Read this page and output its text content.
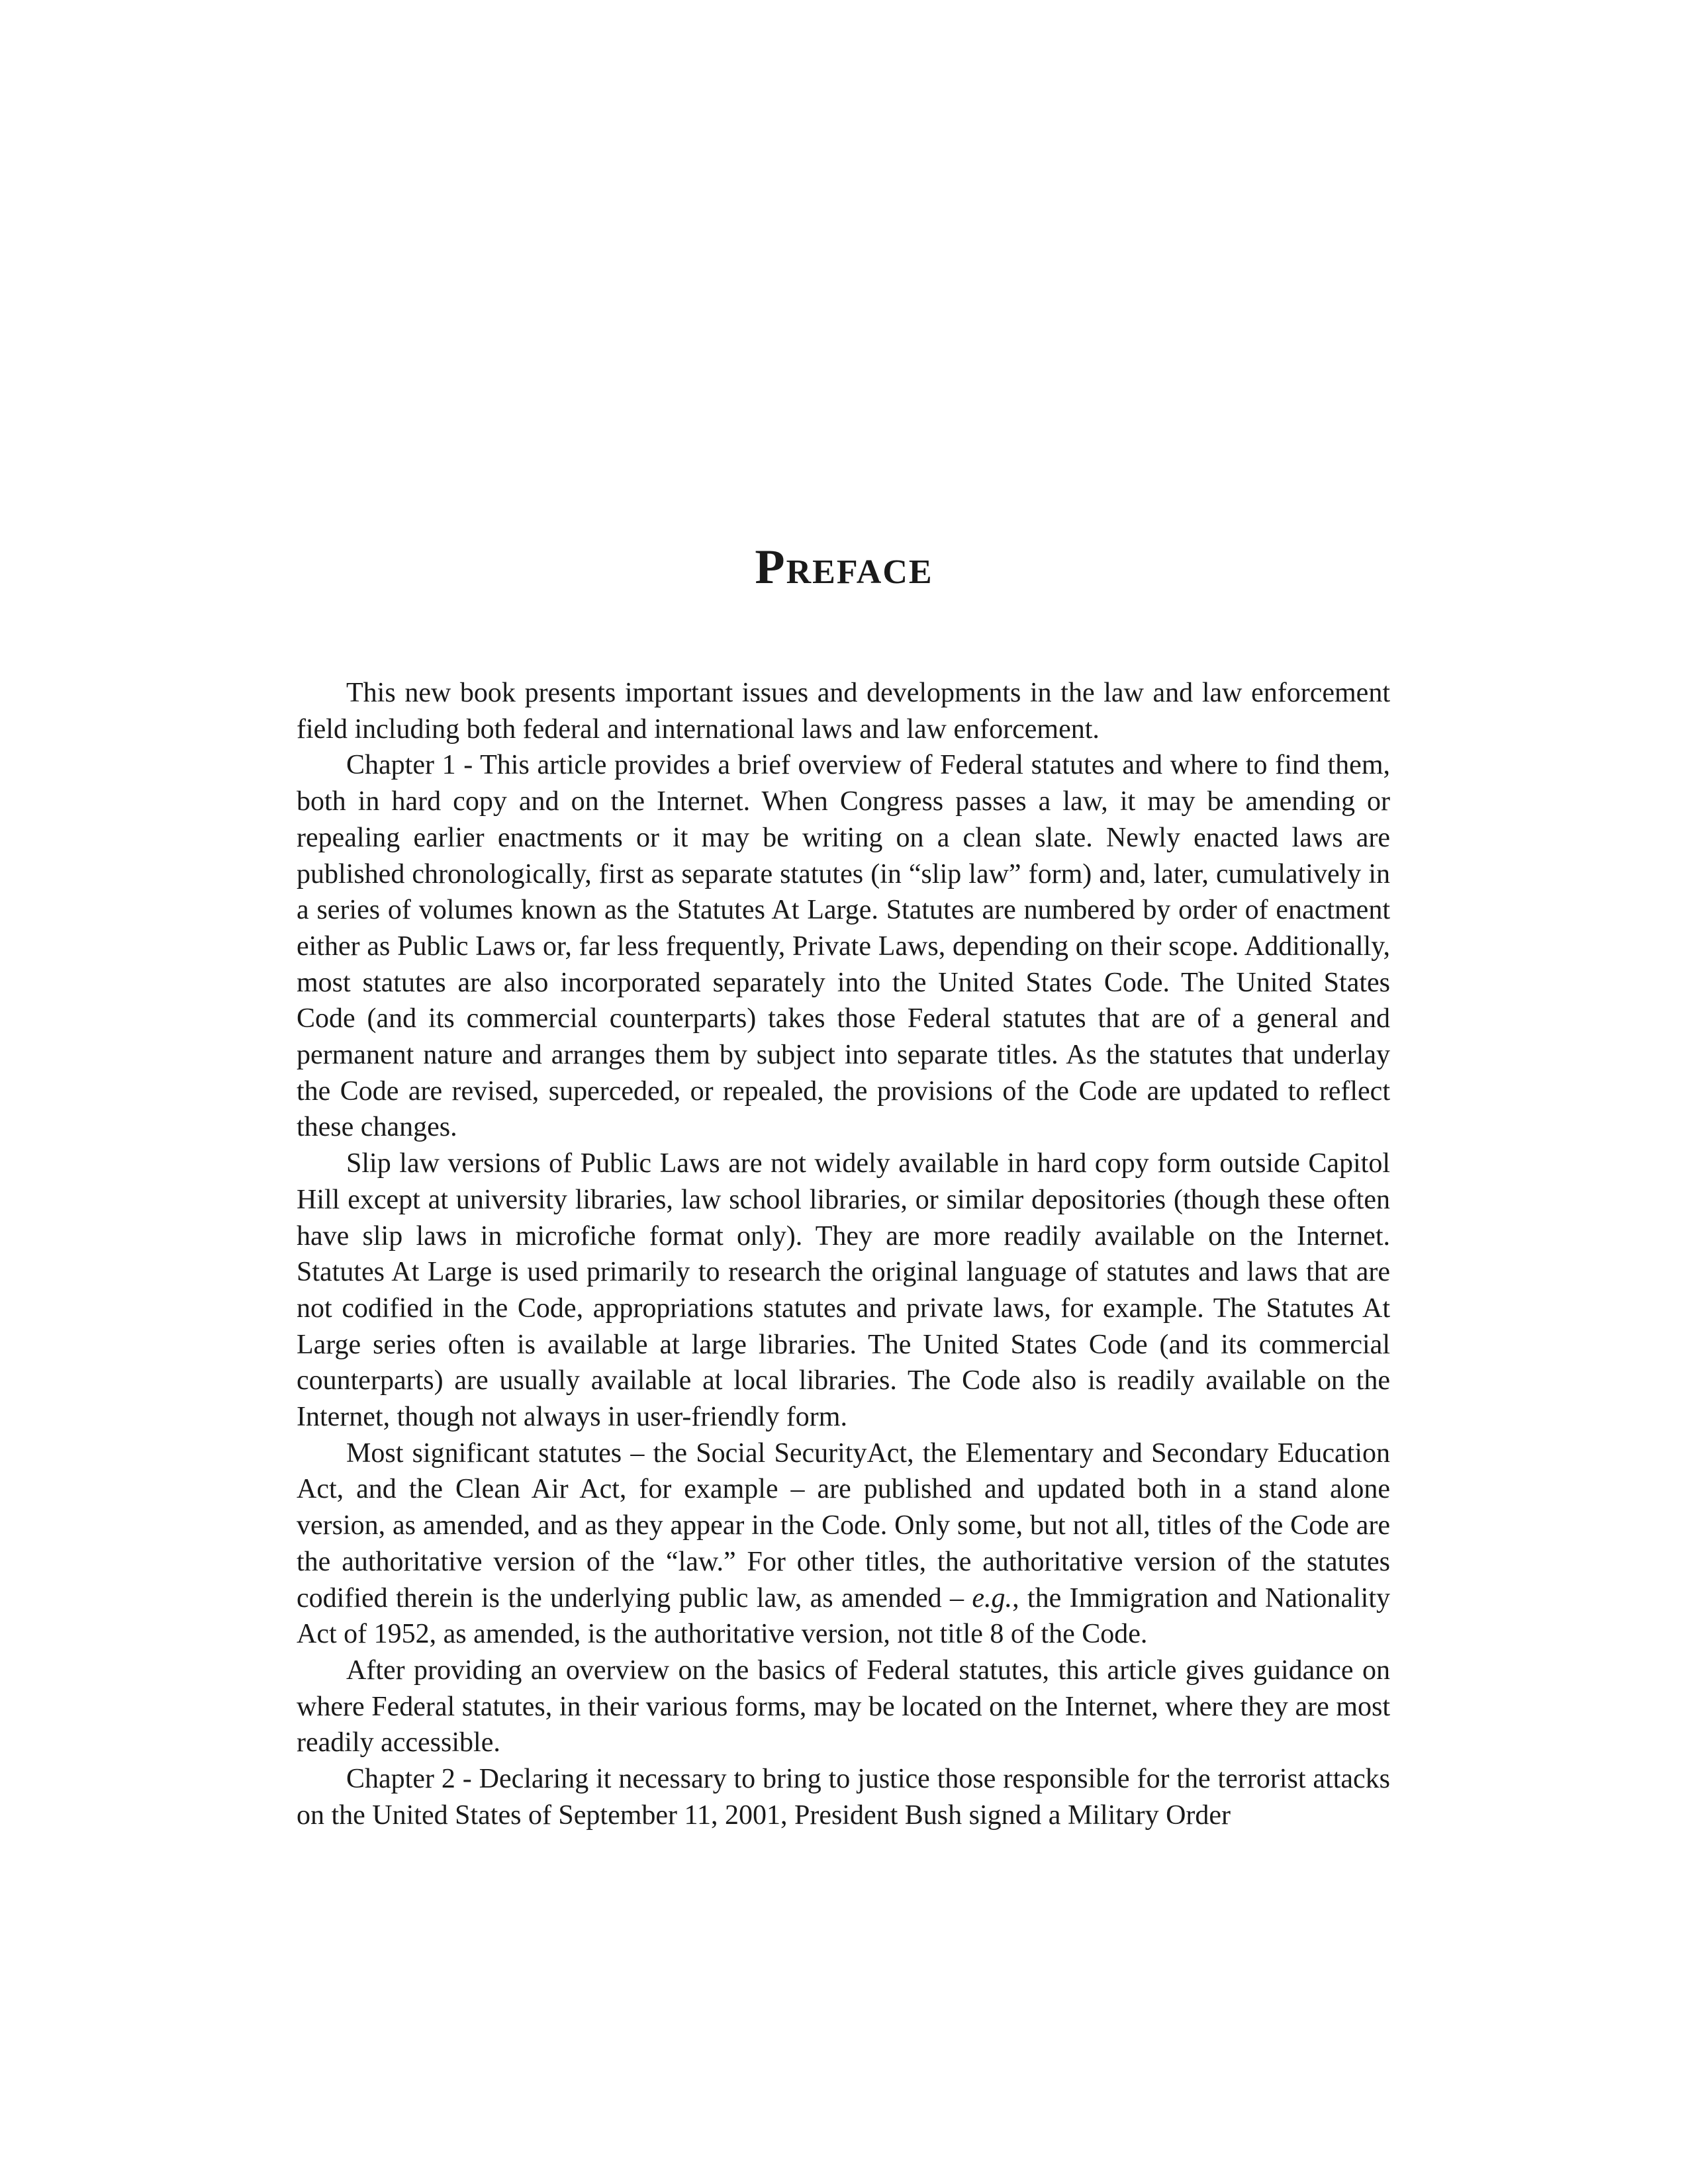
Preface

This new book presents important issues and developments in the law and law enforcement field including both federal and international laws and law enforcement.

Chapter 1 - This article provides a brief overview of Federal statutes and where to find them, both in hard copy and on the Internet. When Congress passes a law, it may be amending or repealing earlier enactments or it may be writing on a clean slate. Newly enacted laws are published chronologically, first as separate statutes (in “slip law” form) and, later, cumulatively in a series of volumes known as the Statutes At Large. Statutes are numbered by order of enactment either as Public Laws or, far less frequently, Private Laws, depending on their scope. Additionally, most statutes are also incorporated separately into the United States Code. The United States Code (and its commercial counterparts) takes those Federal statutes that are of a general and permanent nature and arranges them by subject into separate titles. As the statutes that underlay the Code are revised, superceded, or repealed, the provisions of the Code are updated to reflect these changes.

Slip law versions of Public Laws are not widely available in hard copy form outside Capitol Hill except at university libraries, law school libraries, or similar depositories (though these often have slip laws in microfiche format only). They are more readily available on the Internet. Statutes At Large is used primarily to research the original language of statutes and laws that are not codified in the Code, appropriations statutes and private laws, for example. The Statutes At Large series often is available at large libraries. The United States Code (and its commercial counterparts) are usually available at local libraries. The Code also is readily available on the Internet, though not always in user-friendly form.

Most significant statutes – the Social SecurityAct, the Elementary and Secondary Education Act, and the Clean Air Act, for example – are published and updated both in a stand alone version, as amended, and as they appear in the Code. Only some, but not all, titles of the Code are the authoritative version of the “law.” For other titles, the authoritative version of the statutes codified therein is the underlying public law, as amended – e.g., the Immigration and Nationality Act of 1952, as amended, is the authoritative version, not title 8 of the Code.

After providing an overview on the basics of Federal statutes, this article gives guidance on where Federal statutes, in their various forms, may be located on the Internet, where they are most readily accessible.

Chapter 2 - Declaring it necessary to bring to justice those responsible for the terrorist attacks on the United States of September 11, 2001, President Bush signed a Military Order
